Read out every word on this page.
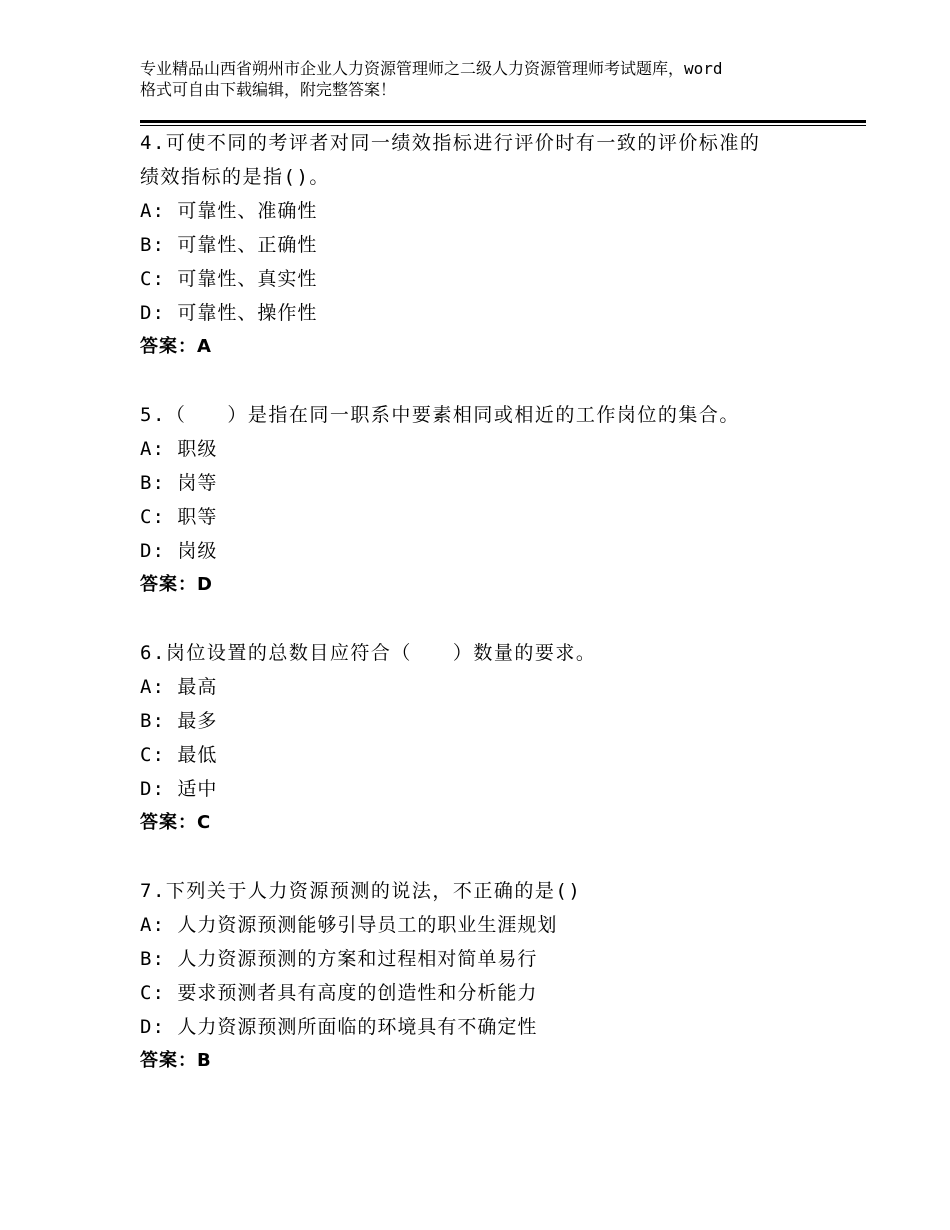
专业精品山西省朔州市企业人力资源管理师之二级人力资源管理师考试题库，word
格式可自由下载编辑，附完整答案！
4.可使不同的考评者对同一绩效指标进行评价时有一致的评价标准的
绩效指标的是指()。
A: 可靠性、准确性
B: 可靠性、正确性
C: 可靠性、真实性
D: 可靠性、操作性
答案：A
5.（　　）是指在同一职系中要素相同或相近的工作岗位的集合。
A: 职级
B: 岗等
C: 职等
D: 岗级
答案：D
6.岗位设置的总数目应符合（　　）数量的要求。
A: 最高
B: 最多
C: 最低
D: 适中
答案：C
7.下列关于人力资源预测的说法，不正确的是()
A: 人力资源预测能够引导员工的职业生涯规划
B: 人力资源预测的方案和过程相对简单易行
C: 要求预测者具有高度的创造性和分析能力
D: 人力资源预测所面临的环境具有不确定性
答案：B
